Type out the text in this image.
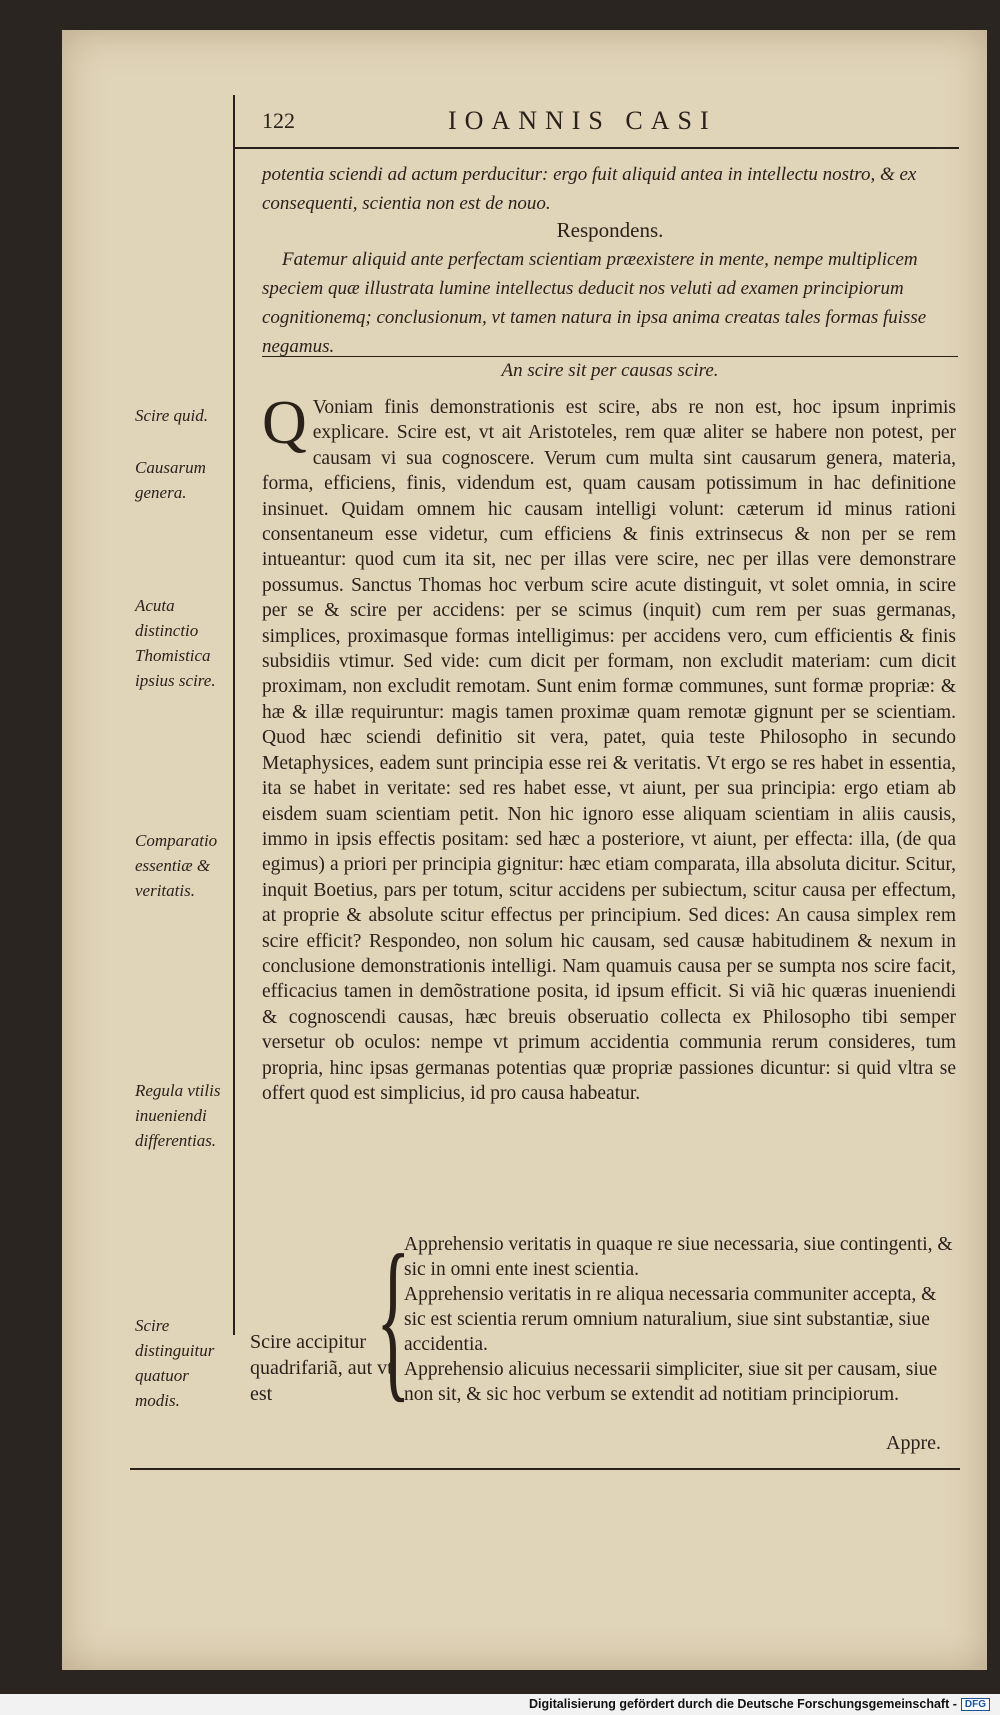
122	IOANNIS CASI
potentia sciendi ad actum perducitur: ergo fuit aliquid antea in intellectu nostro, & ex consequenti, scientia non est de nouo.
Respondens.
Fatemur aliquid ante perfectam scientiam præexistere in mente, nempe multiplicem speciem quæ illustrata lumine intellectus deducit nos veluti ad examen principiorum cognitionemq; conclusionum, vt tamen natura in ipsa anima creatas tales formas fuisse negamus.
An scire sit per causas scire.
Scire quid.
Causarum genera.
Acuta distinctio Thomistica ipsius scire.
Comparatio essentiæ & veritatis.
Regula vtilis inueniendi differentias.
Scire distinguitur quatuor modis.

Q Voniam finis demonstrationis est scire, abs re non est, hoc ipsum inprimis explicare. Scire est, vt ait Aristoteles, rem quæ aliter se habere non potest, per causam vi sua cognoscere. Verum cum multa sint causarum genera, materia, forma, efficiens, finis, videndum est, quam causam potissimum in hac definitione insinuet. Quidam omnem hic causam intelligi volunt: cæterum id minus rationi consentaneum esse videtur, cum efficiens & finis extrinsecus & non per se rem intueantur: quod cum ita sit, nec per illas vere scire, nec per illas vere demonstrare possumus. Sanctus Thomas hoc verbum scire acute distinguit, vt solet omnia, in scire per se & scire per accidens: per se scimus (inquit) cum rem per suas germanas, simplices, proximasque formas intelligimus: per accidens vero, cum efficientis & finis subsidiis vtimur. Sed vide: cum dicit per formam, non excludit materiam: cum dicit proximam, non excludit remotam. Sunt enim formæ communes, sunt formæ propriæ: & hæ & illæ requiruntur: magis tamen proximæ quam remotæ gignunt per se scientiam. Quod hæc sciendi definitio sit vera, patet, quia teste Philosopho in secundo Metaphysices, eadem sunt principia esse rei & veritatis. Vt ergo se res habet in essentia, ita se habet in veritate: sed res habet esse, vt aiunt, per sua principia: ergo etiam ab eisdem suam scientiam petit. Non hic ignoro esse aliquam scientiam in aliis causis, immo in ipsis effectis positam: sed hæc a posteriore, vt aiunt, per effecta: illa, (de qua egimus) a priori per principia gignitur: hæc etiam comparata, illa absoluta dicitur. Scitur, inquit Boetius, pars per totum, scitur accidens per subiectum, scitur causa per effectum, at proprie & absolute scitur effectus per principium. Sed dices: An causa simplex rem scire efficit? Respondeo, non solum hic causam, sed causæ habitudinem & nexum in conclusione demonstrationis intelligi. Nam quamuis causa per se sumpta nos scire facit, efficacius tamen in demõstratione posita, id ipsum efficit. Si viã hic quæras inueniendi & cognoscendi causas, hæc breuis obseruatio collecta ex Philosopho tibi semper versetur ob oculos: nempe vt primum accidentia communia rerum consideres, tum propria, hinc ipsas germanas potentias quæ propriæ passiones dicuntur: si quid vltra se offert quod est simplicius, id pro causa habeatur.

Scire accipitur quadrifariã, aut vt est {
Apprehensio veritatis in quaque re siue necessaria, siue contingenti, & sic in omni ente inest scientia.
Apprehensio veritatis in re aliqua necessaria communiter accepta, & sic est scientia rerum omnium naturalium, siue sint substantiæ, siue accidentia.
Apprehensio alicuius necessarii simpliciter, siue sit per causam, siue non sit, & sic hoc verbum se extendit ad notitiam principiorum.
Appre.
Digitalisierung gefördert durch die Deutsche Forschungsgemeinschaft - DFG
